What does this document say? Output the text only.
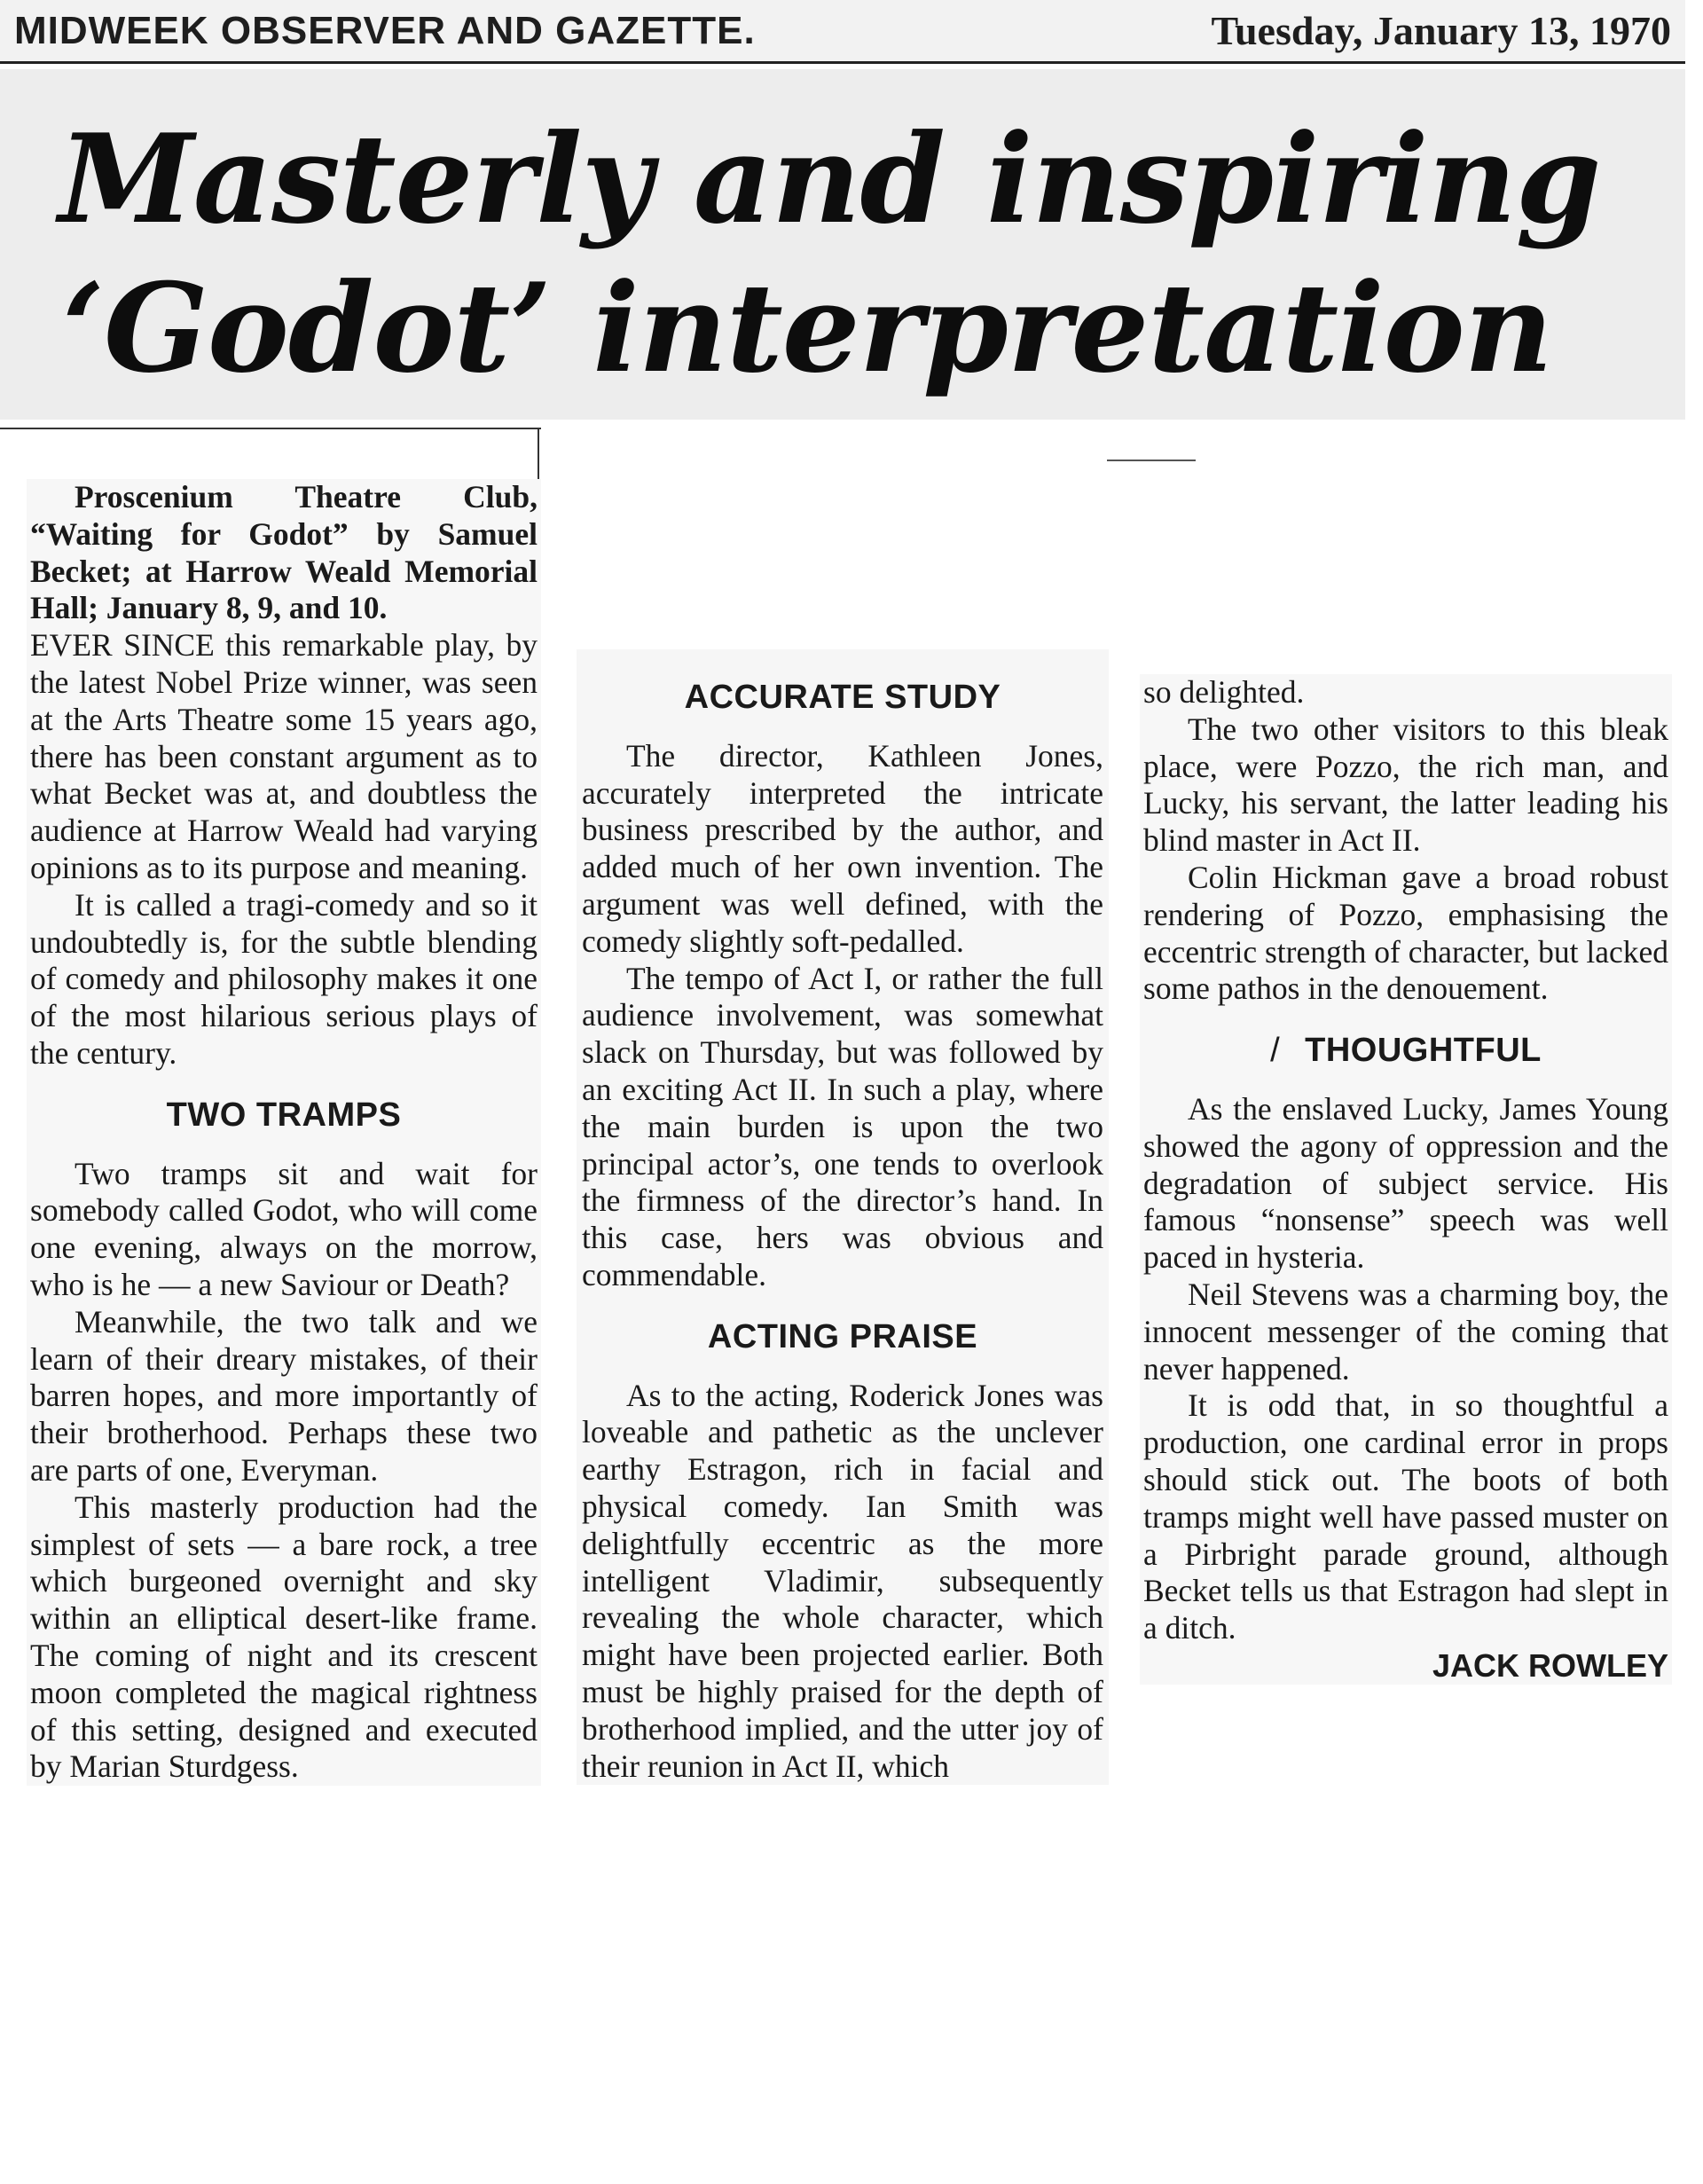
MIDWEEK OBSERVER AND GAZETTE.	Tuesday, January 13, 1970
Masterly and inspiring
‘Godot’ interpretation

Proscenium Theatre Club, “Waiting for Godot” by Samuel Becket; at Harrow Weald Memorial Hall; January 8, 9, and 10.

EVER SINCE this remarkable play, by the latest Nobel Prize winner, was seen at the Arts Theatre some 15 years ago, there has been constant argument as to what Becket was at, and doubtless the audience at Harrow Weald had varying opinions as to its purpose and meaning.

It is called a tragi-comedy and so it undoubtedly is, for the subtle blending of comedy and philosophy makes it one of the most hilarious serious plays of the century.

TWO TRAMPS

Two tramps sit and wait for somebody called Godot, who will come one evening, always on the morrow, who is he — a new Saviour or Death?

Meanwhile, the two talk and we learn of their dreary mistakes, of their barren hopes, and more importantly of their brotherhood. Perhaps these two are parts of one, Everyman.

This masterly production had the simplest of sets — a bare rock, a tree which burgeoned overnight and sky within an elliptical desert-like frame. The coming of night and its crescent moon completed the magical rightness of this setting, designed and executed by Marian Sturdgess.

ACCURATE STUDY

The director, Kathleen Jones, accurately interpreted the intricate business prescribed by the author, and added much of her own invention. The argument was well defined, with the comedy slightly soft-pedalled.

The tempo of Act I, or rather the full audience involvement, was somewhat slack on Thursday, but was followed by an exciting Act II. In such a play, where the main burden is upon the two principal actor’s, one tends to overlook the firmness of the director’s hand. In this case, hers was obvious and commendable.

ACTING PRAISE

As to the acting, Roderick Jones was loveable and pathetic as the unclever earthy Estragon, rich in facial and physical comedy. Ian Smith was delightfully eccentric as the more intelligent Vladimir, subsequently revealing the whole character, which might have been projected earlier. Both must be highly praised for the depth of brotherhood implied, and the utter joy of their reunion in Act II, which

so delighted.

The two other visitors to this bleak place, were Pozzo, the rich man, and Lucky, his servant, the latter leading his blind master in Act II.

Colin Hickman gave a broad robust rendering of Pozzo, emphasising the eccentric strength of character, but lacked some pathos in the denouement.

/ THOUGHTFUL

As the enslaved Lucky, James Young showed the agony of oppression and the degradation of subject service. His famous “nonsense” speech was well paced in hysteria.

Neil Stevens was a charming boy, the innocent messenger of the coming that never happened.

It is odd that, in so thoughtful a production, one cardinal error in props should stick out. The boots of both tramps might well have passed muster on a Pirbright parade ground, although Becket tells us that Estragon had slept in a ditch.

JACK ROWLEY
